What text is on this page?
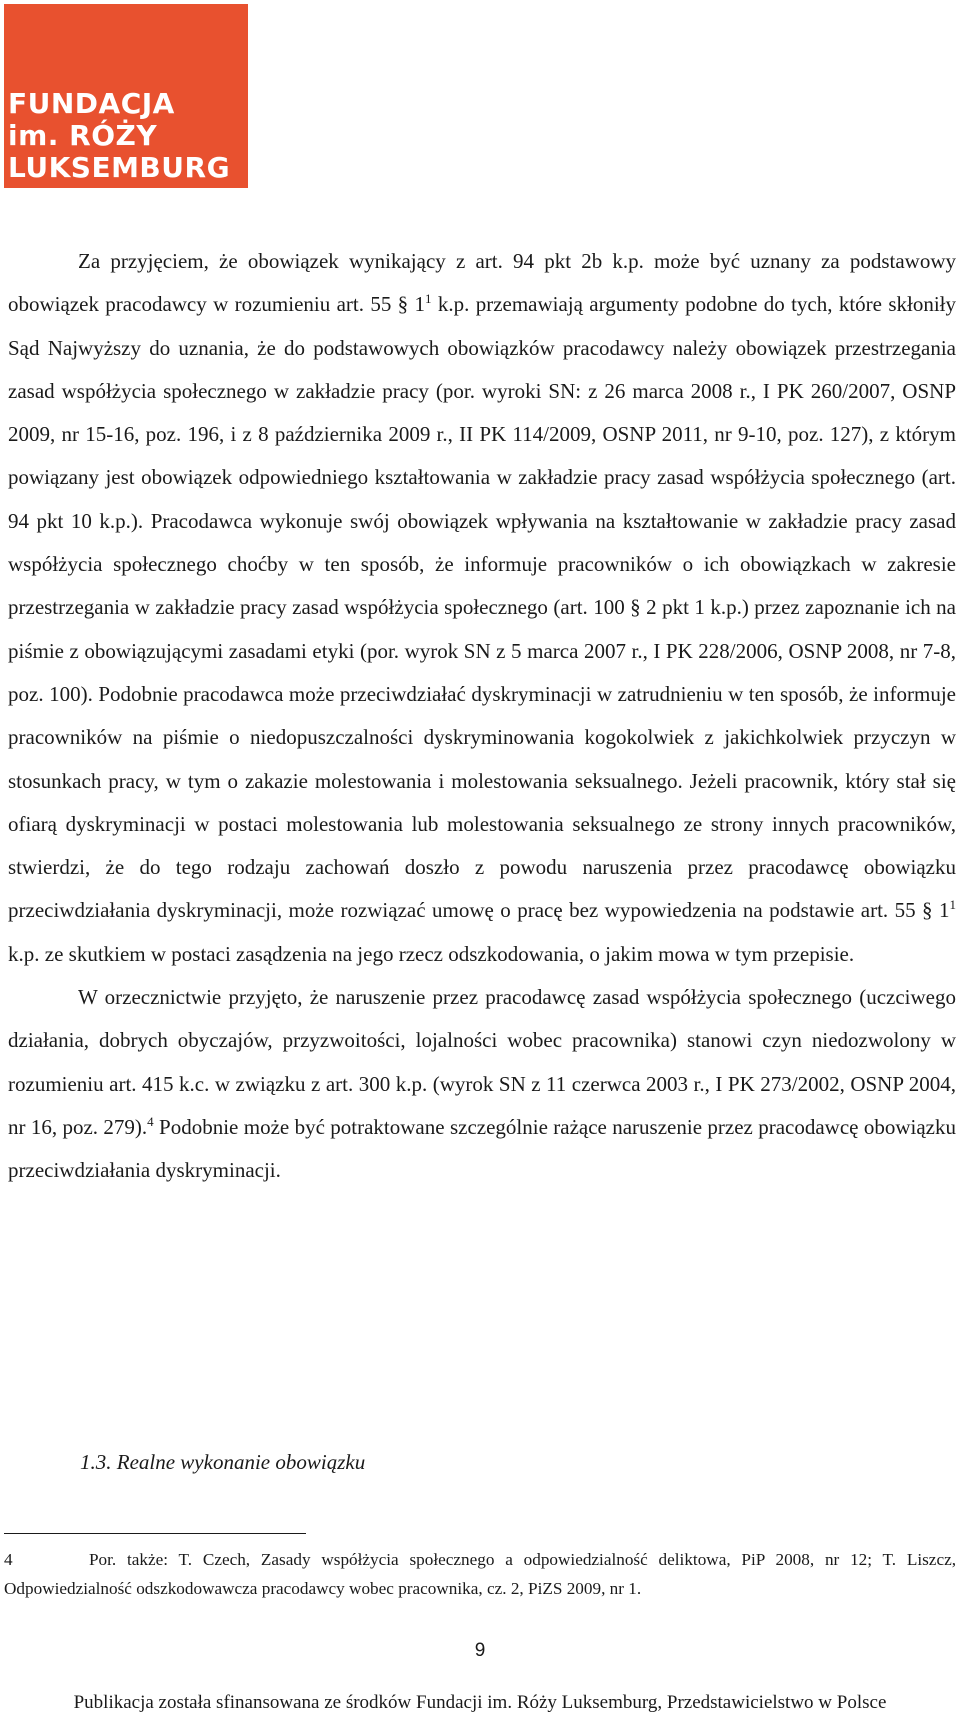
FUNDACJA
im. RÓŻY
LUKSEMBURG

Za przyjęciem, że obowiązek wynikający z art. 94 pkt 2b k.p. może być uznany za podstawowy obowiązek pracodawcy w rozumieniu art. 55 § $1^1$ k.p. przemawiają argumenty podobne do tych, które skłoniły Sąd Najwyższy do uznania, że do podstawowych obowiązków pracodawcy należy obowiązek przestrzegania zasad współżycia społecznego w zakładzie pracy (por. wyroki SN: z 26 marca 2008 r., I PK 260/2007, OSNP 2009, nr 15-16, poz. 196, i z 8 października 2009 r., II PK 114/2009, OSNP 2011, nr 9-10, poz. 127), z którym powiązany jest obowiązek odpowiedniego kształtowania w zakładzie pracy zasad współżycia społecznego (art. 94 pkt 10 k.p.). Pracodawca wykonuje swój obowiązek wpływania na kształtowanie w zakładzie pracy zasad współżycia społecznego choćby w ten sposób, że informuje pracowników o ich obowiązkach w zakresie przestrzegania w zakładzie pracy zasad współżycia społecznego (art. 100 § 2 pkt 1 k.p.) przez zapoznanie ich na piśmie z obowiązującymi zasadami etyki (por. wyrok SN z 5 marca 2007 r., I PK 228/2006, OSNP 2008, nr 7-8, poz. 100). Podobnie pracodawca może przeciwdziałać dyskryminacji w zatrudnieniu w ten sposób, że informuje pracowników na piśmie o niedopuszczalności dyskryminowania kogokolwiek z jakichkolwiek przyczyn w stosunkach pracy, w tym o zakazie molestowania i molestowania seksualnego. Jeżeli pracownik, który stał się ofiarą dyskryminacji w postaci molestowania lub molestowania seksualnego ze strony innych pracowników, stwierdzi, że do tego rodzaju zachowań doszło z powodu naruszenia przez pracodawcę obowiązku przeciwdziałania dyskryminacji, może rozwiązać umowę o pracę bez wypowiedzenia na podstawie art. 55 § $1^1$ k.p. ze skutkiem w postaci zasądzenia na jego rzecz odszkodowania, o jakim mowa w tym przepisie.

W orzecznictwie przyjęto, że naruszenie przez pracodawcę zasad współżycia społecznego (uczciwego działania, dobrych obyczajów, przyzwoitości, lojalności wobec pracownika) stanowi czyn niedozwolony w rozumieniu art. 415 k.c. w związku z art. 300 k.p. (wyrok SN z 11 czerwca 2003 r., I PK 273/2002, OSNP 2004, nr 16, poz. 279).$^4$ Podobnie może być potraktowane szczególnie rażące naruszenie przez pracodawcę obowiązku przeciwdziałania dyskryminacji.

1.3. Realne wykonanie obowiązku
4	Por. także: T. Czech, Zasady współżycia społecznego a odpowiedzialność deliktowa, PiP 2008, nr 12; T. Liszcz, Odpowiedzialność odszkodowawcza pracodawcy wobec pracownika, cz. 2, PiZS 2009, nr 1.
9
Publikacja została sfinansowana ze środków Fundacji im. Róży Luksemburg, Przedstawicielstwo w Polsce
